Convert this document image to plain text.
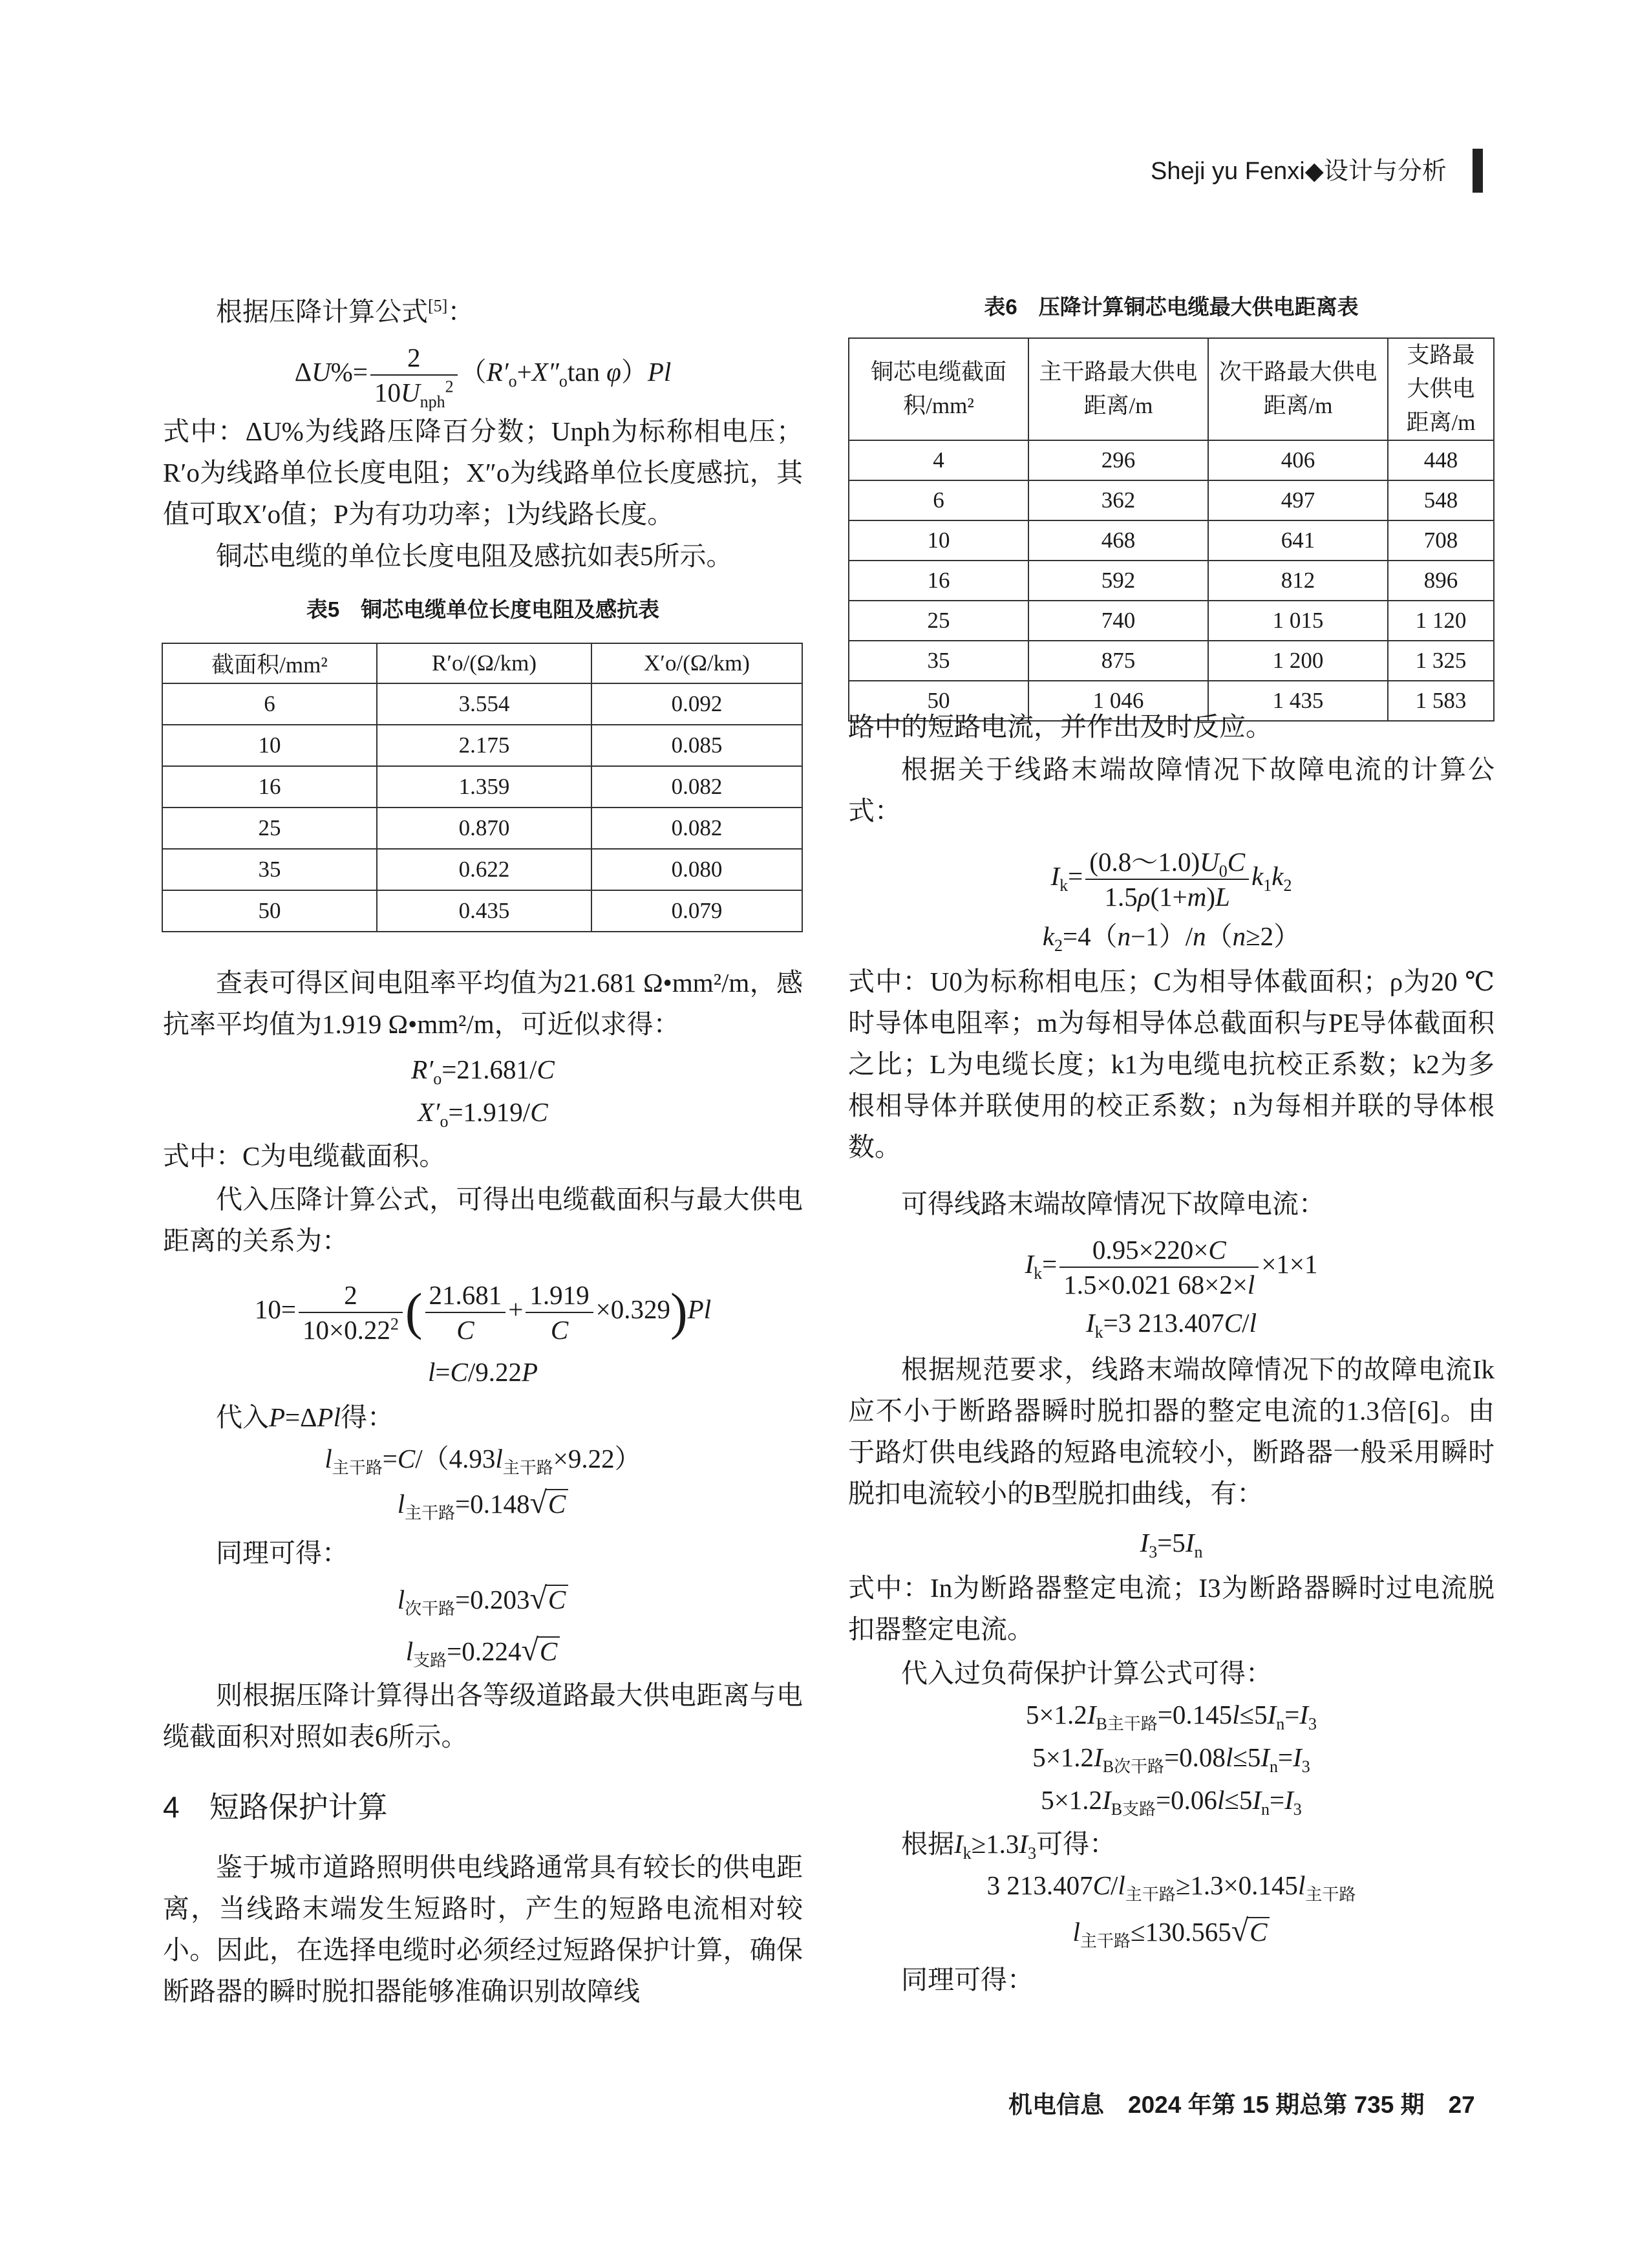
Sheji yu Fenxi◆设计与分析
根据压降计算公式[5]：
$\Delta U\%= \frac{2}{10U_{nph}^2} (R'_o+X''_o\tan$ φ）Pl
式中：ΔU%为线路压降百分数；Unph为标称相电压；R′o为线路单位长度电阻；X″o为线路单位长度感抗，其值可取X′o值；P为有功功率；l为线路长度。
铜芯电缆的单位长度电阻及感抗如表5所示。
表5　铜芯电缆单位长度电阻及感抗表
截面积/mm²	R′o/(Ω/km)	X′o/(Ω/km)
6	3.554	0.092
10	2.175	0.085
16	1.359	0.082
25	0.870	0.082
35	0.622	0.080
50	0.435	0.079
查表可得区间电阻率平均值为21.681 Ω•mm²/m，感抗率平均值为1.919 Ω•mm²/m，可近似求得：
$R'_o=21.681/C$
$X'_o=1.919/C$
式中：C为电缆截面积。
代入压降计算公式，可得出电缆截面积与最大供电距离的关系为：
$10= \frac{2}{10\times 0.22^2}$ ( $\frac{21.681}{C} + \frac{1.919}{C} \times 0.329)Pl$
l=C/9.22P
代入P=ΔPl得：
$l_{主干路}=C/(4.93l_{主干路}\times 9.22)$
$l_{主干路}=0.148√C$
同理可得：
$l_{次干路}=0.203√C$
$l_{支路}=0.224√C$
则根据压降计算得出各等级道路最大供电距离与电缆截面积对照如表6所示。
4　短路保护计算
鉴于城市道路照明供电线路通常具有较长的供电距离，当线路末端发生短路时，产生的短路电流相对较小。因此，在选择电缆时必须经过短路保护计算，确保断路器的瞬时脱扣器能够准确识别故障线
表6　压降计算铜芯电缆最大供电距离表
铜芯电缆截面积/mm²	主干路最大供电距离/m	次干路最大供电距离/m	支路最大供电距离/m
4	296	406	448
6	362	497	548
10	468	641	708
16	592	812	896
25	740	1 015	1 120
35	875	1 200	1 325
50	1 046	1 435	1 583
路中的短路电流，并作出及时反应。
根据关于线路末端故障情况下故障电流的计算公式：
$I_k= \frac{(0.8\sim 1.0)U_0C}{1.5\rho(1+m)L} k_1k_2$
$k_2=4(n-1)/n(n\ge 2)$
式中：U0为标称相电压；C为相导体截面积；ρ为20 ℃时导体电阻率；m为每相导体总截面积与PE导体截面积之比；L为电缆长度；k1为电缆电抗校正系数；k2为多根相导体并联使用的校正系数；n为每相并联的导体根数。
可得线路末端故障情况下故障电流：
$I_k= \frac{0.95\times 220\times C}{1.5\times 0.021 68\times 2\times l} \times 1\times 1$
$I_k=3$ 213.407C/l
根据规范要求，线路末端故障情况下的故障电流Ik应不小于断路器瞬时脱扣器的整定电流的1.3倍[6]。由于路灯供电线路的短路电流较小，断路器一般采用瞬时脱扣电流较小的B型脱扣曲线，有：
$I_3=5I_n$
式中：In为断路器整定电流；I3为断路器瞬时过电流脱扣器整定电流。
代入过负荷保护计算公式可得：
$5\times 1.2I_{B主干路}=0.145l\le 5I_n=I_3$
$5\times 1.2I_{B次干路}=0.08l\le 5I_n=I_3$
$5\times 1.2I_{B支路}=0.06l\le 5I_n=I_3$
根据$I_k\ge 1.3I_3$可得：
3 $213.407C/l_{主干路}\ge 1.3\times 0.145l_{主干路}$
$l_{主干路}\le 130.565√C$
同理可得：
机电信息　2024 年第 15 期总第 735 期　 27
